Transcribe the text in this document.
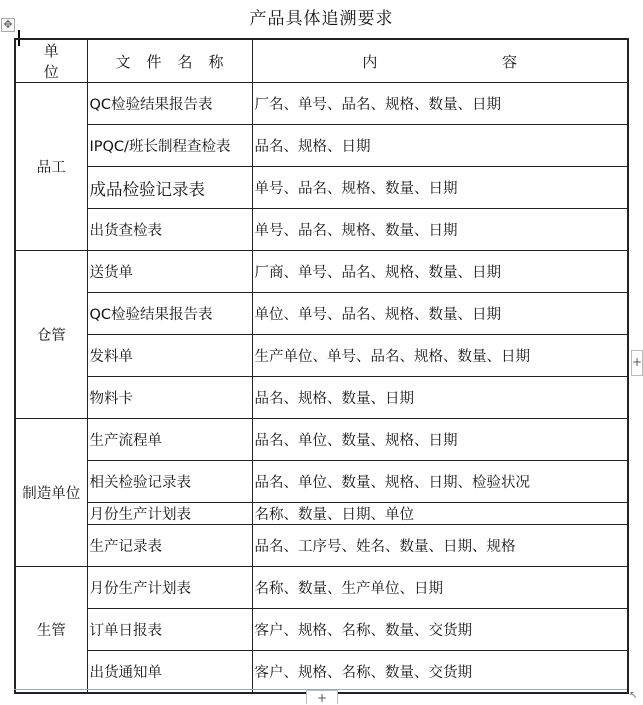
产品具体追溯要求
✥
单位	文件名称	内 容
品工	QC检验结果报告表	厂名、单号、品名、规格、数量、日期
	IPQC/班长制程查检表	品名、规格、日期
	成品检验记录表	单号、品名、规格、数量、日期
	出货查检表	单号、品名、规格、数量、日期
仓管	送货单	厂商、单号、品名、规格、数量、日期
	QC检验结果报告表	单位、单号、品名、规格、数量、日期
	发料单	生产单位、单号、品名、规格、数量、日期
	物料卡	品名、规格、数量、日期
制造单位	生产流程单	品名、单位、数量、规格、日期
	相关检验记录表	品名、单位、数量、规格、日期、检验状况
	月份生产计划表	名称、数量、日期、单位
	生产记录表	品名、工序号、姓名、数量、日期、规格
生管	月份生产计划表	名称、数量、生产单位、日期
	订单日报表	客户、规格、名称、数量、交货期
	出货通知单	客户、规格、名称、数量、交货期
+
+	↖
